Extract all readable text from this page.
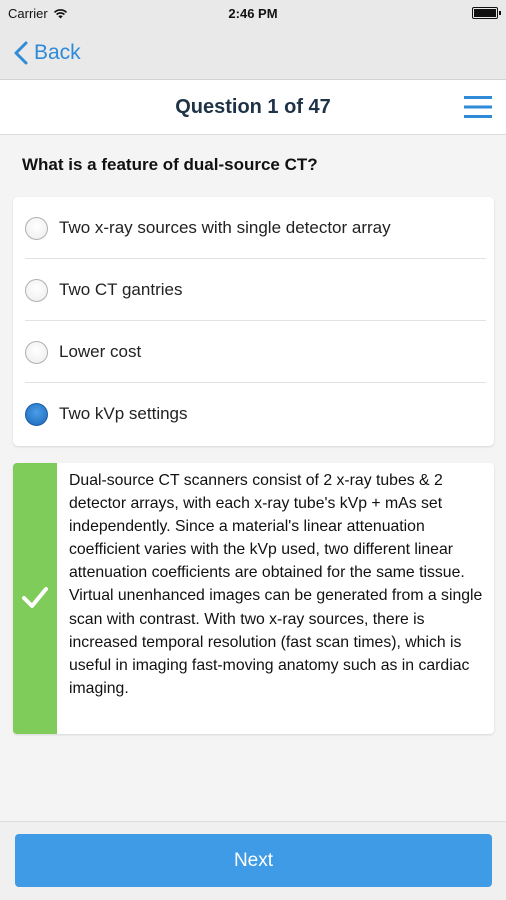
Carrier	2:46 PM
Back
Question 1 of 47
What is a feature of dual-source CT?
Two x-ray sources with single detector array
Two CT gantries
Lower cost
Two kVp settings
Dual-source CT scanners consist of 2 x-ray tubes & 2 detector arrays, with each x-ray tube's kVp + mAs set independently. Since a material's linear attenuation coefficient varies with the kVp used, two different linear attenuation coefficients are obtained for the same tissue. Virtual unenhanced images can be generated from a single scan with contrast. With two x-ray sources, there is increased temporal resolution (fast scan times), which is useful in imaging fast-moving anatomy such as in cardiac imaging.
Next
